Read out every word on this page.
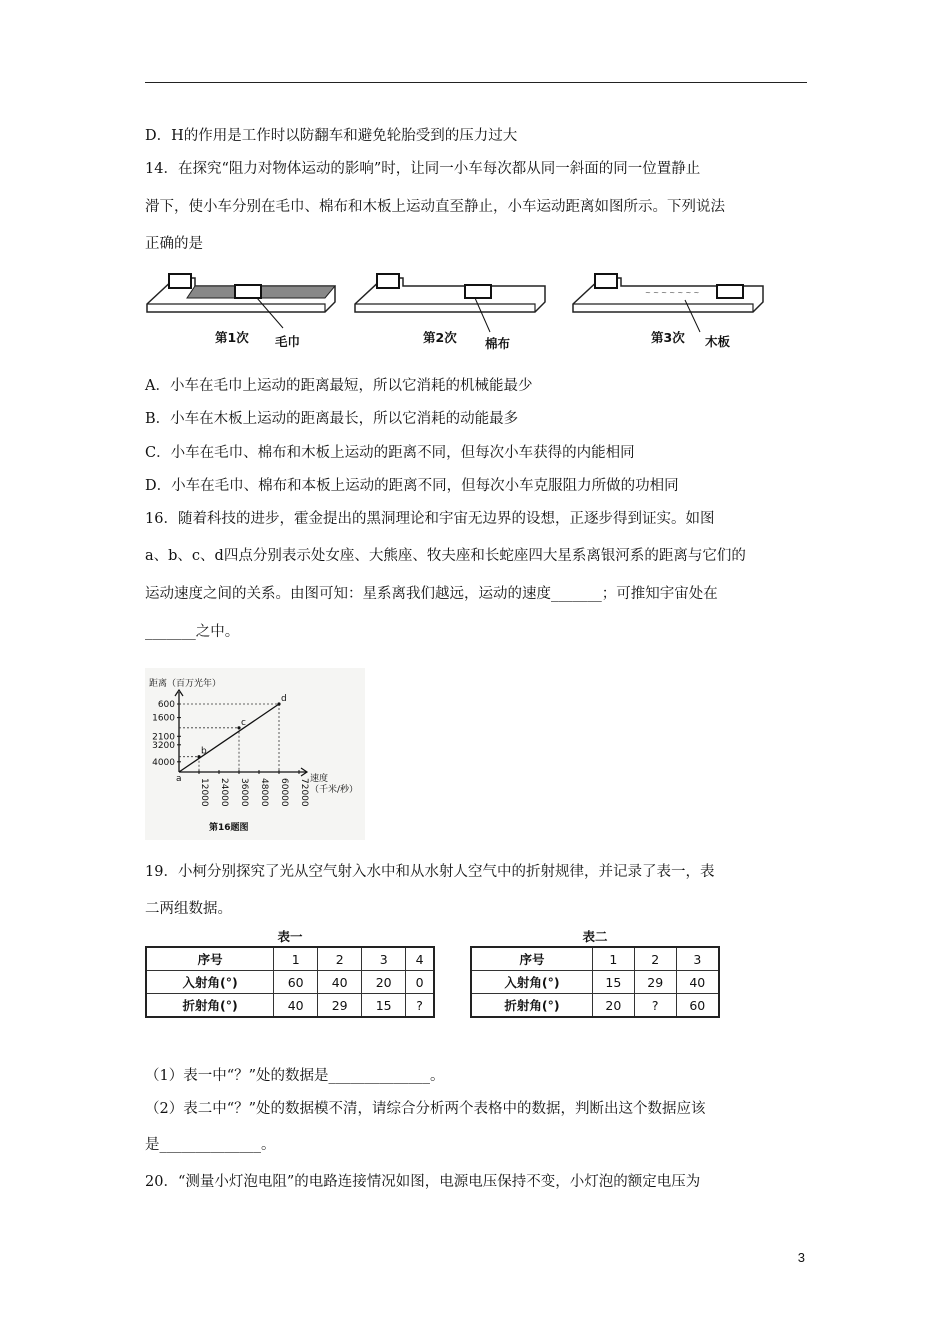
D．H的作用是工作时以防翻车和避免轮胎受到的压力过大
14．在探究“阻力对物体运动的影响”时，让同一小车每次都从同一斜面的同一位置静止
滑下，使小车分别在毛巾、棉布和木板上运动直至静止，小车运动距离如图所示。下列说法
正确的是
第1次 毛巾	第2次 棉布
~ ~ ~ ~ ~ ~ ~
第3次 木板
A．小车在毛巾上运动的距离最短，所以它消耗的机械能最少
B．小车在木板上运动的距离最长，所以它消耗的动能最多
C．小车在毛巾、棉布和木板上运动的距离不同，但每次小车获得的内能相同
D．小车在毛巾、棉布和本板上运动的距离不同，但每次小车克服阻力所做的功相同
16．随着科技的进步，霍金提出的黑洞理论和宇宙无边界的设想，正逐步得到证实。如图
a、b、c、d四点分别表示处女座、大熊座、牧夫座和长蛇座四大星系离银河系的距离与它们的
运动速度之间的关系。由图可知：星系离我们越远，运动的速度_______；可推知宇宙处在
_______之中。
距离（百万光年）
4000
3200
2100
1600
600
12000 24000 36000 48000 60000 72000
a
b
c
d
速度
（千米/秒）
第16题图
19．小柯分别探究了光从空气射入水中和从水射人空气中的折射规律，并记录了表一，表
二两组数据。
表一
序号	1	2	3	4
入射角(°)	60	40	20	0
折射角(°)	40	29	15	?
表二
序号	1	2	3
入射角(°)	15	29	40
折射角(°)	20	?	60
（1）表一中“？”处的数据是______________。
（2）表二中“？”处的数据模不清，请综合分析两个表格中的数据，判断出这个数据应该
是______________。
20．“测量小灯泡电阻”的电路连接情况如图，电源电压保持不变，小灯泡的额定电压为
3
